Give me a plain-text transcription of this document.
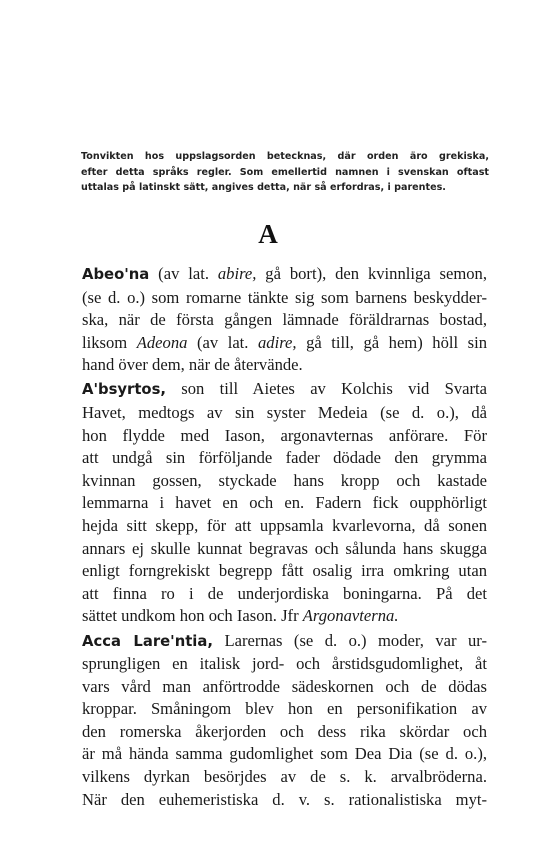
Tonvikten hos uppslagsorden betecknas, där orden äro grekiska,
efter detta språks regler. Som emellertid namnen i svenskan oftast
uttalas på latinskt sätt, angives detta, när så erfordras, i parentes.
A
Abeo'na (av lat. abire, gå bort), den kvinnliga semon,
(se d. o.) som romarne tänkte sig som barnens beskydder-
ska, när de första gången lämnade föräldrarnas bostad,
liksom Adeona (av lat. adire, gå till, gå hem) höll sin
hand över dem, när de återvände.
A'bsyrtos, son till Aietes av Kolchis vid Svarta
Havet, medtogs av sin syster Medeia (se d. o.), då
hon flydde med Iason, argonavternas anförare. För
att undgå sin förföljande fader dödade den grymma
kvinnan gossen, styckade hans kropp och kastade
lemmarna i havet en och en. Fadern fick oupphörligt
hejda sitt skepp, för att uppsamla kvarlevorna, då sonen
annars ej skulle kunnat begravas och sålunda hans skugga
enligt forngrekiskt begrepp fått osalig irra omkring utan
att finna ro i de underjordiska boningarna. På det
sättet undkom hon och Iason. Jfr Argonavterna.
Acca Lare'ntia, Larernas (se d. o.) moder, var ur-
sprungligen en italisk jord- och årstidsgudomlighet, åt
vars vård man anförtrodde sädeskornen och de dödas
kroppar. Småningom blev hon en personifikation av
den romerska åkerjorden och dess rika skördar och
är må hända samma gudomlighet som Dea Dia (se d. o.),
vilkens dyrkan besörjdes av de s. k. arvalbröderna.
När den euhemeristiska d. v. s. rationalistiska myt-
